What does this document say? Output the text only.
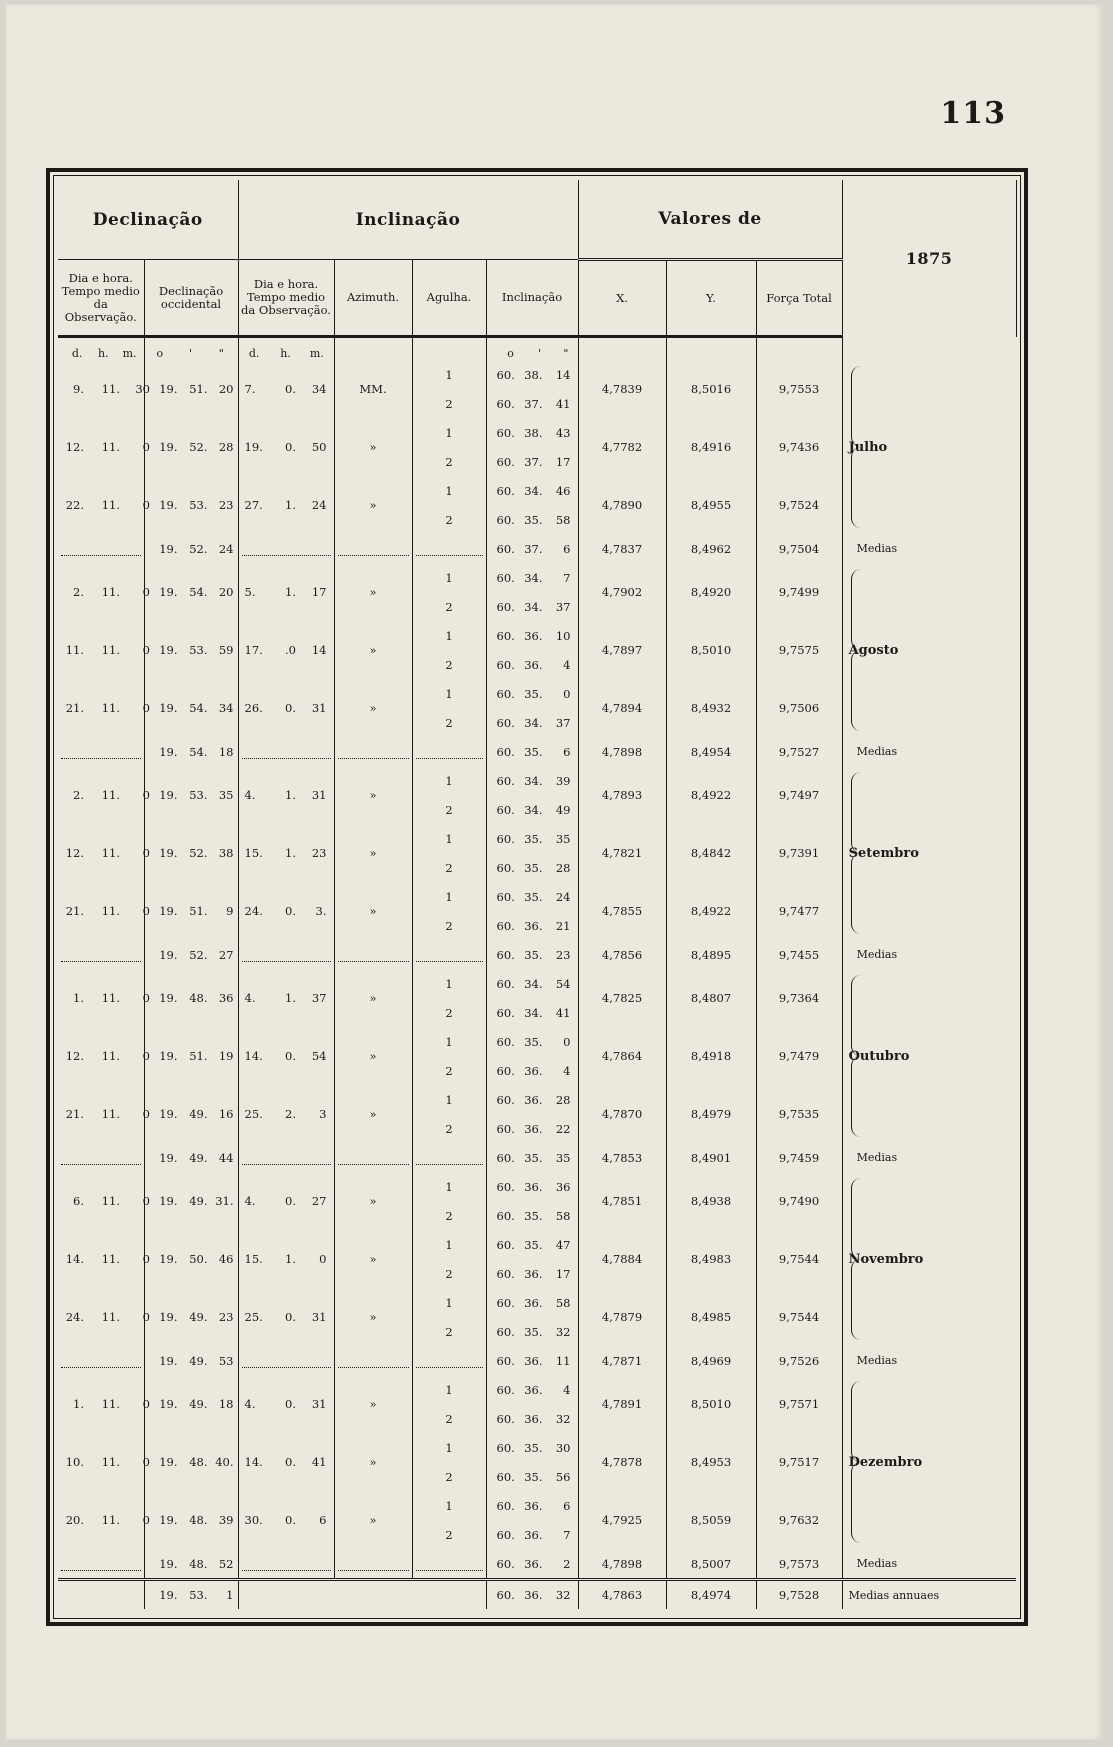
113
Declinação		Inclinação				Valores de			1875
Dia e hora. Tempo medio da Observação.	Declinação occidental	Dia e hora. Tempo medio da Observação.	Azimuth.	Agulha.	Inclinação	X.	Y.	Força Total	
d. h. m.	o ' "	d. h. m.			o ' "				
9. 11. 30	19. 51. 20	7. 0. 34	MM.	1	60. 38. 14	4,7839	8,5016	9,7553	Julho
				2	60. 37. 41				
12. 11. 0	19. 52. 28	19. 0. 50	»	1	60. 38. 43	4,7782	8,4916	9,7436	
				2	60. 37. 17				
22. 11. 0	19. 53. 23	27. 1. 24	»	1	60. 34. 46	4,7890	8,4955	9,7524	
				2	60. 35. 58				

	19. 52. 24				60. 37. 6	4,7837	8,4962	9,7504	Medias
2. 11. 0	19. 54. 20	5. 1. 17	»	1	60. 34. 7	4,7902	8,4920	9,7499	Agosto
				2	60. 34. 37				
11. 11. 0	19. 53. 59	17. .0 14	»	1	60. 36. 10	4,7897	8,5010	9,7575	
				2	60. 36. 4				
21. 11. 0	19. 54. 34	26. 0. 31	»	1	60. 35. 0	4,7894	8,4932	9,7506	
				2	60. 34. 37				

	19. 54. 18				60. 35. 6	4,7898	8,4954	9,7527	Medias
2. 11. 0	19. 53. 35	4. 1. 31	»	1	60. 34. 39	4,7893	8,4922	9,7497	Setembro
				2	60. 34. 49				
12. 11. 0	19. 52. 38	15. 1. 23	»	1	60. 35. 35	4,7821	8,4842	9,7391	
				2	60. 35. 28				
21. 11. 0	19. 51. 9	24. 0. 3.	»	1	60. 35. 24	4,7855	8,4922	9,7477	
				2	60. 36. 21				

	19. 52. 27				60. 35. 23	4,7856	8,4895	9,7455	Medias
1. 11. 0	19. 48. 36	4. 1. 37	»	1	60. 34. 54	4,7825	8,4807	9,7364	Outubro
				2	60. 34. 41				
12. 11. 0	19. 51. 19	14. 0. 54	»	1	60. 35. 0	4,7864	8,4918	9,7479	
				2	60. 36. 4				
21. 11. 0	19. 49. 16	25. 2. 3	»	1	60. 36. 28	4,7870	8,4979	9,7535	
				2	60. 36. 22				

	19. 49. 44				60. 35. 35	4,7853	8,4901	9,7459	Medias
6. 11. 0	19. 49. 31.	4. 0. 27	»	1	60. 36. 36	4,7851	8,4938	9,7490	Novembro
				2	60. 35. 58				
14. 11. 0	19. 50. 46	15. 1. 0	»	1	60. 35. 47	4,7884	8,4983	9,7544	
				2	60. 36. 17				
24. 11. 0	19. 49. 23	25. 0. 31	»	1	60. 36. 58	4,7879	8,4985	9,7544	
				2	60. 35. 32				

	19. 49. 53				60. 36. 11	4,7871	8,4969	9,7526	Medias
1. 11. 0	19. 49. 18	4. 0. 31	»	1	60. 36. 4	4,7891	8,5010	9,7571	Dezembro
				2	60. 36. 32				
10. 11. 0	19. 48. 40.	14. 0. 41	»	1	60. 35. 30	4,7878	8,4953	9,7517	
				2	60. 35. 56				
20. 11. 0	19. 48. 39	30. 0. 6	»	1	60. 36. 6	4,7925	8,5059	9,7632	
				2	60. 36. 7				

	19. 48. 52				60. 36. 2	4,7898	8,5007	9,7573	Medias
	19. 53. 1				60. 36. 32	4,7863	8,4974	9,7528	Medias annuaes
